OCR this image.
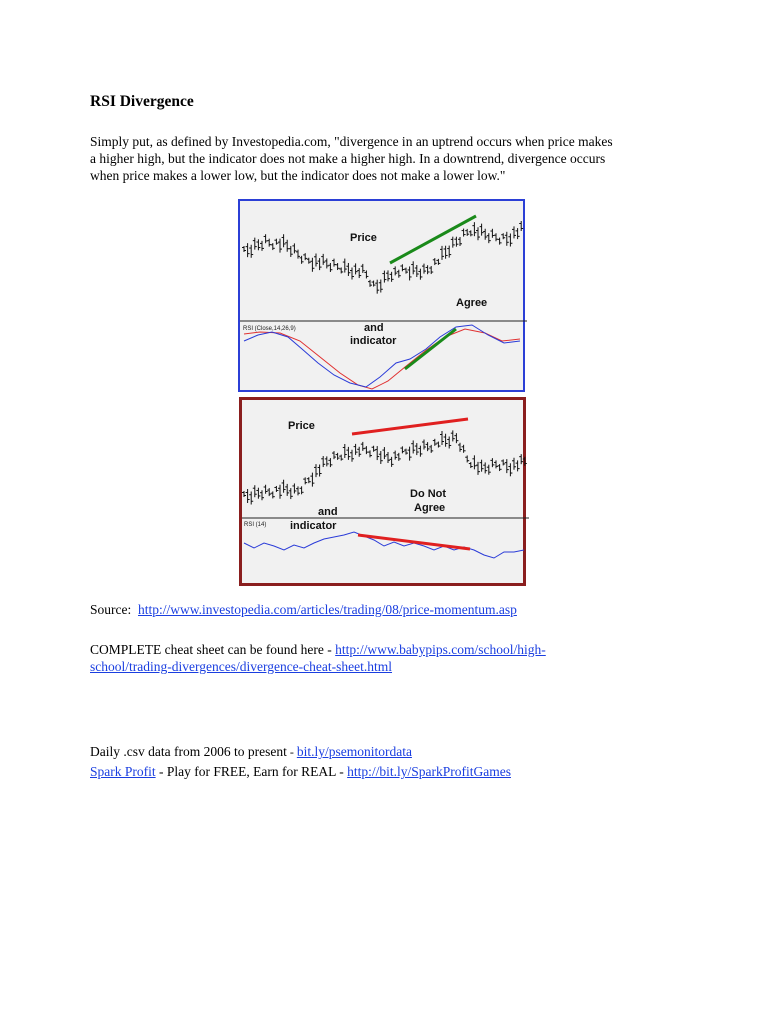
RSI Divergence
Simply put, as defined by Investopedia.com, "divergence in an uptrend occurs when price makes
a higher high, but the indicator does not make a higher high. In a downtrend, divergence occurs
when price makes a lower low, but the indicator does not make a lower low."
Price
Agree
RSI (Close,14,26,9)	and
indicator
Price
Do Not
Agree
and
indicator
RSI (14)
Source: http://www.investopedia.com/articles/trading/08/price-momentum.asp
COMPLETE cheat sheet can be found here - http://www.babypips.com/school/high-
school/trading-divergences/divergence-cheat-sheet.html
Daily .csv data from 2006 to present - bit.ly/psemonitordata
Spark Profit - Play for FREE, Earn for REAL - http://bit.ly/SparkProfitGames
